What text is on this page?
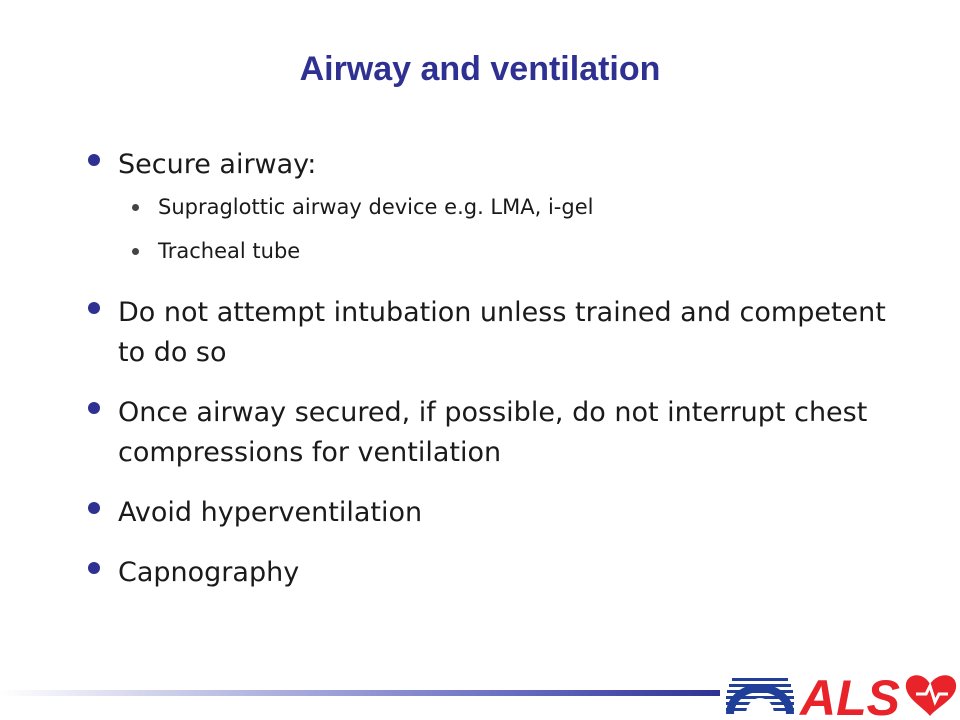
Airway and ventilation
Secure airway:
Supraglottic airway device e.g. LMA, i-gel
Tracheal tube
Do not attempt intubation unless trained and competent to do so
Once airway secured, if possible, do not interrupt chest compressions for ventilation
Avoid hyperventilation
Capnography
ALS
